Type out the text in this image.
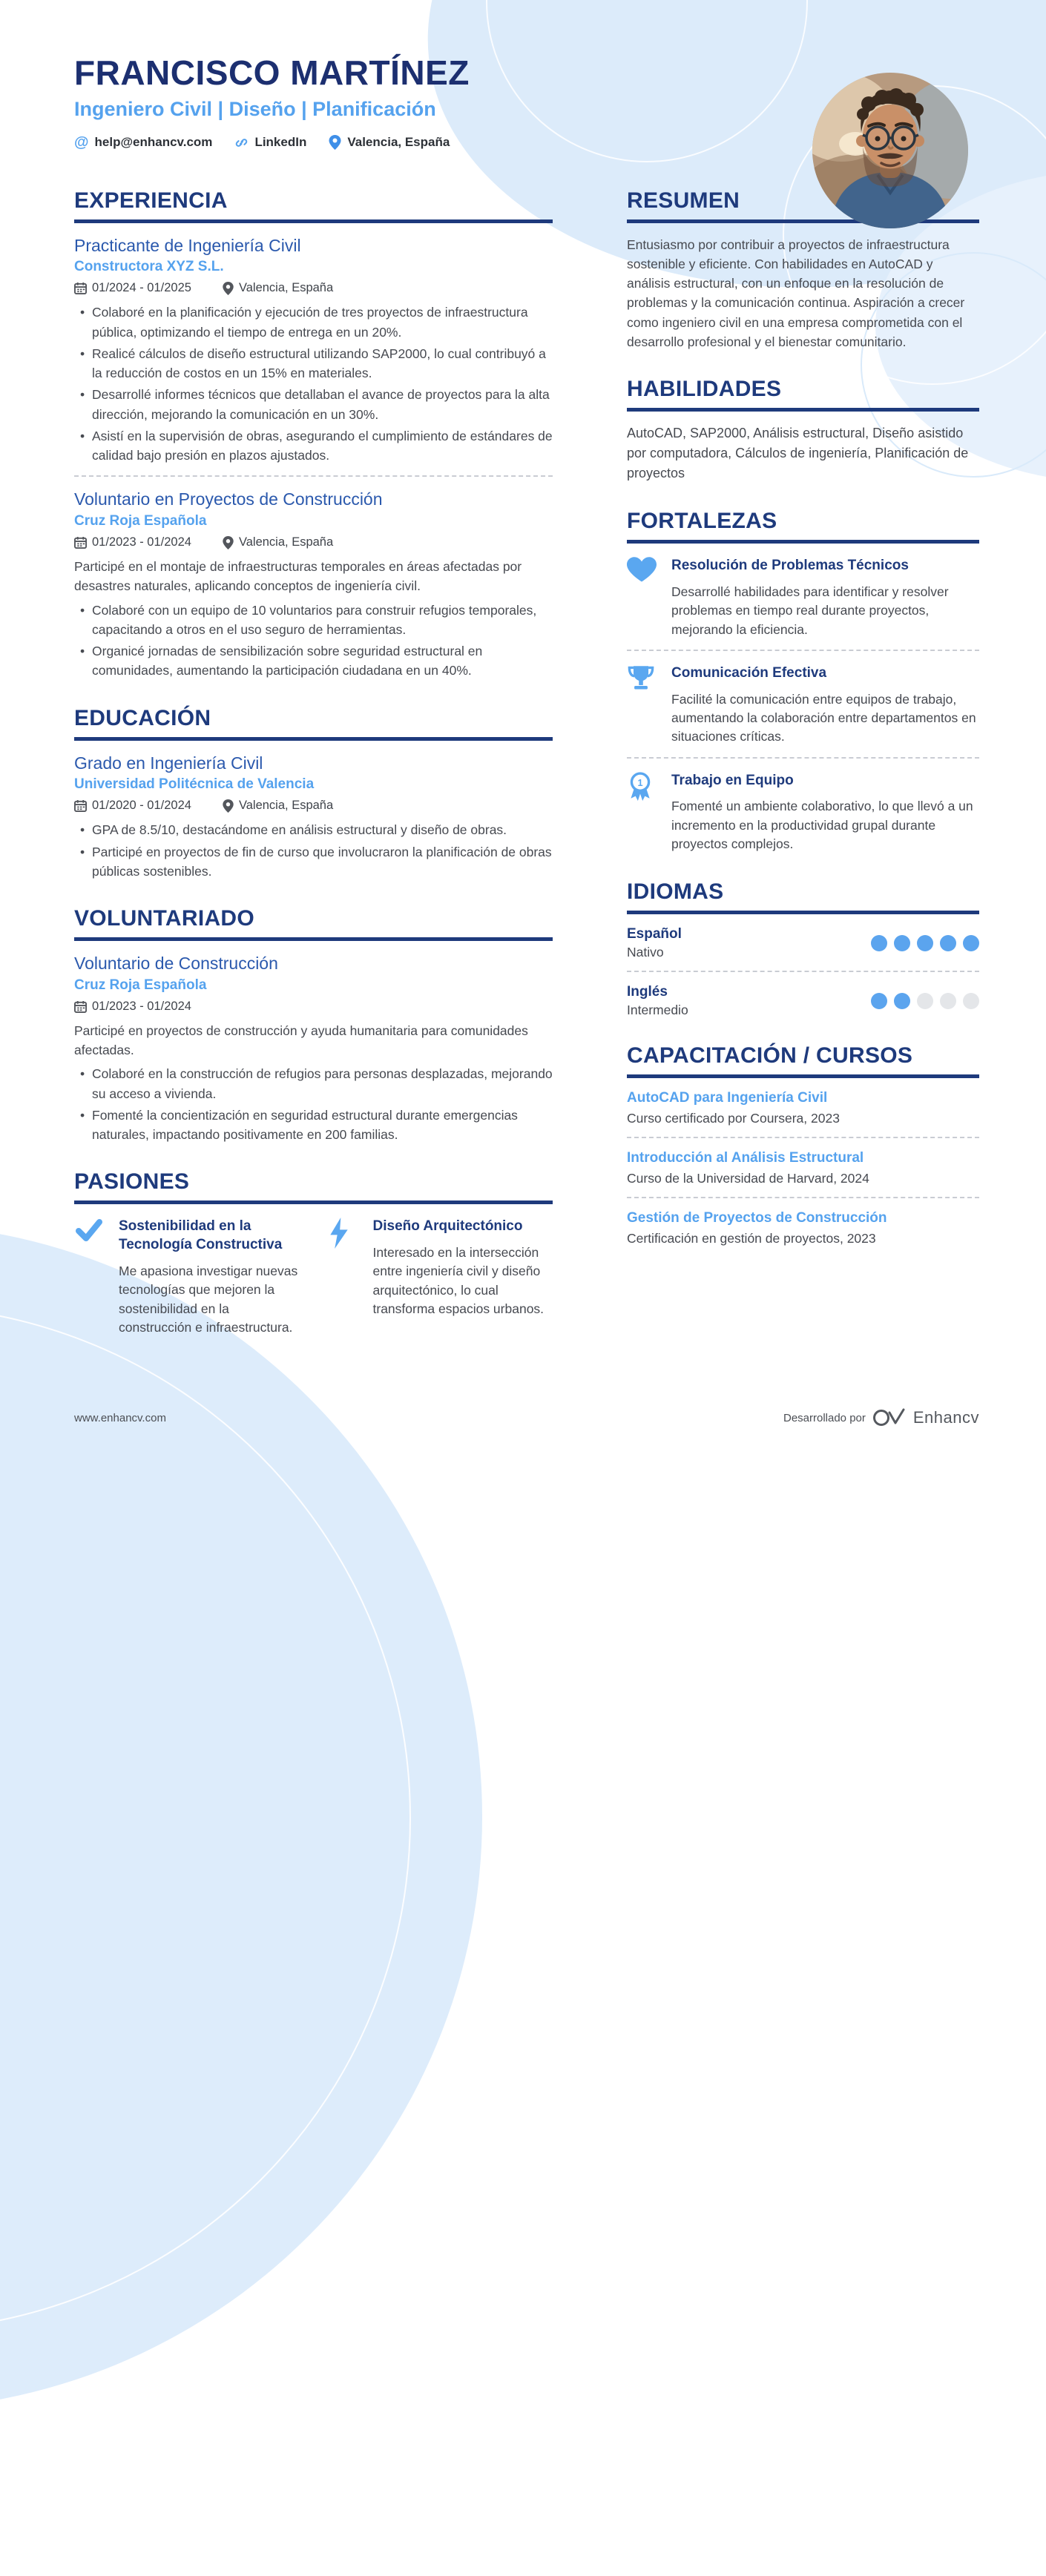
FRANCISCO MARTÍNEZ
Ingeniero Civil | Diseño | Planificación
@ help@enhancv.com	LinkedIn	Valencia, España
EXPERIENCIA
Practicante de Ingeniería Civil
Constructora XYZ S.L.
01/2024 - 01/2025	Valencia, España
• Colaboré en la planificación y ejecución de tres proyectos de infraestructura pública, optimizando el tiempo de entrega en un 20%.
• Realicé cálculos de diseño estructural utilizando SAP2000, lo cual contribuyó a la reducción de costos en un 15% en materiales.
• Desarrollé informes técnicos que detallaban el avance de proyectos para la alta dirección, mejorando la comunicación en un 30%.
• Asistí en la supervisión de obras, asegurando el cumplimiento de estándares de calidad bajo presión en plazos ajustados.
Voluntario en Proyectos de Construcción
Cruz Roja Española
01/2023 - 01/2024	Valencia, España

Participé en el montaje de infraestructuras temporales en áreas afectadas por desastres naturales, aplicando conceptos de ingeniería civil.

• Colaboré con un equipo de 10 voluntarios para construir refugios temporales, capacitando a otros en el uso seguro de herramientas.
• Organicé jornadas de sensibilización sobre seguridad estructural en comunidades, aumentando la participación ciudadana en un 40%.
EDUCACIÓN
Grado en Ingeniería Civil
Universidad Politécnica de Valencia
01/2020 - 01/2024	Valencia, España
• GPA de 8.5/10, destacándome en análisis estructural y diseño de obras.
• Participé en proyectos de fin de curso que involucraron la planificación de obras públicas sostenibles.
VOLUNTARIADO
Voluntario de Construcción
Cruz Roja Española
01/2023 - 01/2024

Participé en proyectos de construcción y ayuda humanitaria para comunidades afectadas.

• Colaboré en la construcción de refugios para personas desplazadas, mejorando su acceso a vivienda.
• Fomenté la concientización en seguridad estructural durante emergencias naturales, impactando positivamente en 200 familias.
PASIONES
Sostenibilidad en la Tecnología Constructiva
Me apasiona investigar nuevas tecnologías que mejoren la sostenibilidad en la construcción e infraestructura.
Diseño Arquitectónico
Interesado en la intersección entre ingeniería civil y diseño arquitectónico, lo cual transforma espacios urbanos.
RESUMEN

Entusiasmo por contribuir a proyectos de infraestructura sostenible y eficiente. Con habilidades en AutoCAD y análisis estructural, con un enfoque en la resolución de problemas y la comunicación continua. Aspiración a crecer como ingeniero civil en una empresa comprometida con el desarrollo profesional y el bienestar comunitario.

HABILIDADES
AutoCAD, SAP2000, Análisis estructural, Diseño asistido por computadora, Cálculos de ingeniería, Planificación de proyectos
FORTALEZAS
Resolución de Problemas Técnicos
Desarrollé habilidades para identificar y resolver problemas en tiempo real durante proyectos, mejorando la eficiencia.
Comunicación Efectiva
Facilité la comunicación entre equipos de trabajo, aumentando la colaboración entre departamentos en situaciones críticas.
1 Trabajo en Equipo
Fomenté un ambiente colaborativo, lo que llevó a un incremento en la productividad grupal durante proyectos complejos.
IDIOMAS
Español
Nativo
Inglés
Intermedio
CAPACITACIÓN / CURSOS
AutoCAD para Ingeniería Civil
Curso certificado por Coursera, 2023
Introducción al Análisis Estructural
Curso de la Universidad de Harvard, 2024
Gestión de Proyectos de Construcción
Certificación en gestión de proyectos, 2023
www.enhancv.com	Desarrollado por	Enhancv
